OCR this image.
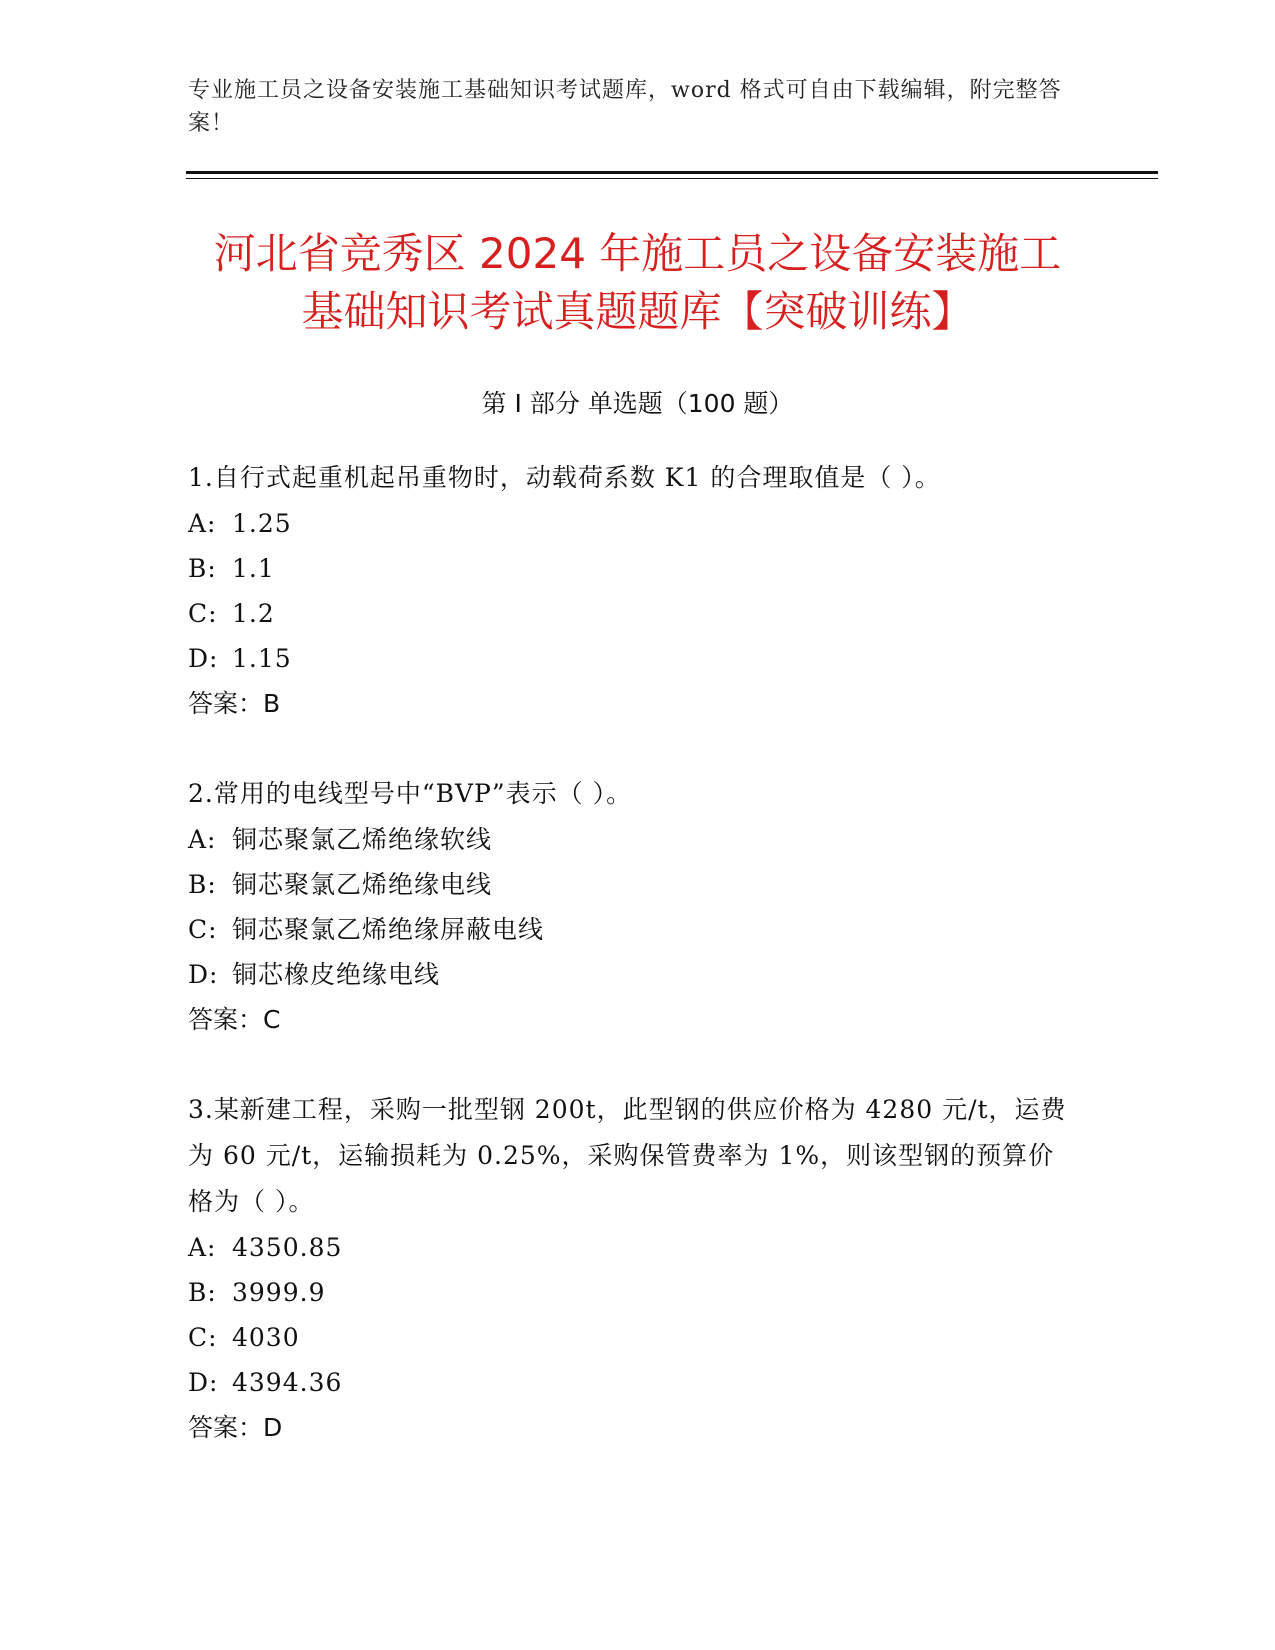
专业施工员之设备安装施工基础知识考试题库，word 格式可自由下载编辑，附完整答案！
河北省竞秀区 2024 年施工员之设备安装施工
基础知识考试真题题库【突破训练】
第 I 部分 单选题（100 题）

1.自行式起重机起吊重物时，动载荷系数 K1 的合理取值是（ ）。

A: 1.25

B: 1.1

C: 1.2

D: 1.15

答案：B

2.常用的电线型号中“BVP”表示（ ）。

A: 铜芯聚氯乙烯绝缘软线

B: 铜芯聚氯乙烯绝缘电线

C: 铜芯聚氯乙烯绝缘屏蔽电线

D: 铜芯橡皮绝缘电线

答案：C

3.某新建工程，采购一批型钢 200t，此型钢的供应价格为 4280 元/t，运费为 60 元/t，运输损耗为 0.25%，采购保管费率为 1%，则该型钢的预算价格为（ ）。

A: 4350.85

B: 3999.9

C: 4030

D: 4394.36

答案：D
